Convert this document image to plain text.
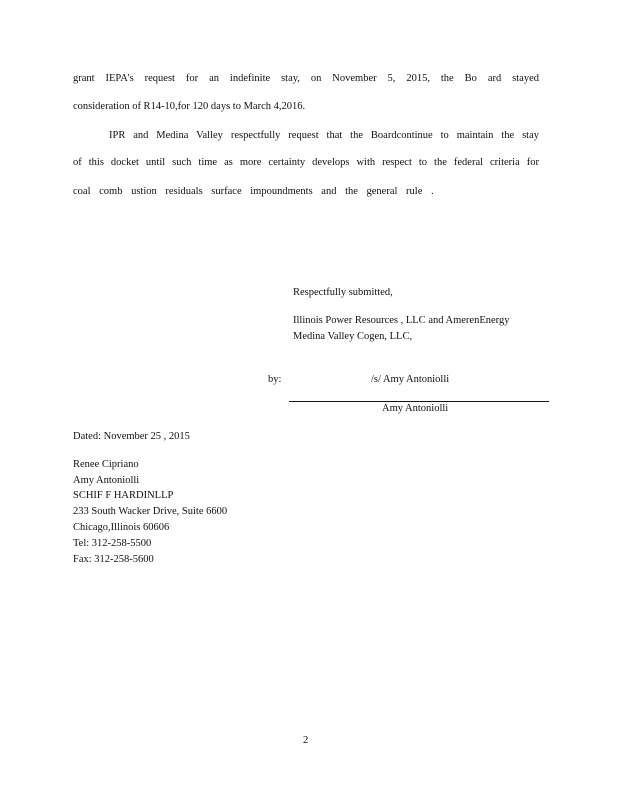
grant IEPA’s request for an indefinite stay, on November 5, 2015, the Bo ard stayed
consideration of R14-10,for 120 days to March 4,2016.
IPR and Medina Valley respectfully request that the Boardcontinue to maintain the stay
of this docket until such time as more certainty develops with respect to the federal criteria for
coal comb ustion residuals surface impoundments and the general rule .
Respectfully submitted,
Illinois Power Resources , LLC and AmerenEnergy
Medina Valley Cogen, LLC,
by:	/s/ Amy Antoniolli
Amy Antoniolli
Dated: November 25 , 2015
Renee Cipriano
Amy Antoniolli
SCHIF F HARDINLLP
233 South Wacker Drive, Suite 6600
Chicago,Illinois 60606
Tel: 312-258-5500
Fax: 312-258-5600
2
